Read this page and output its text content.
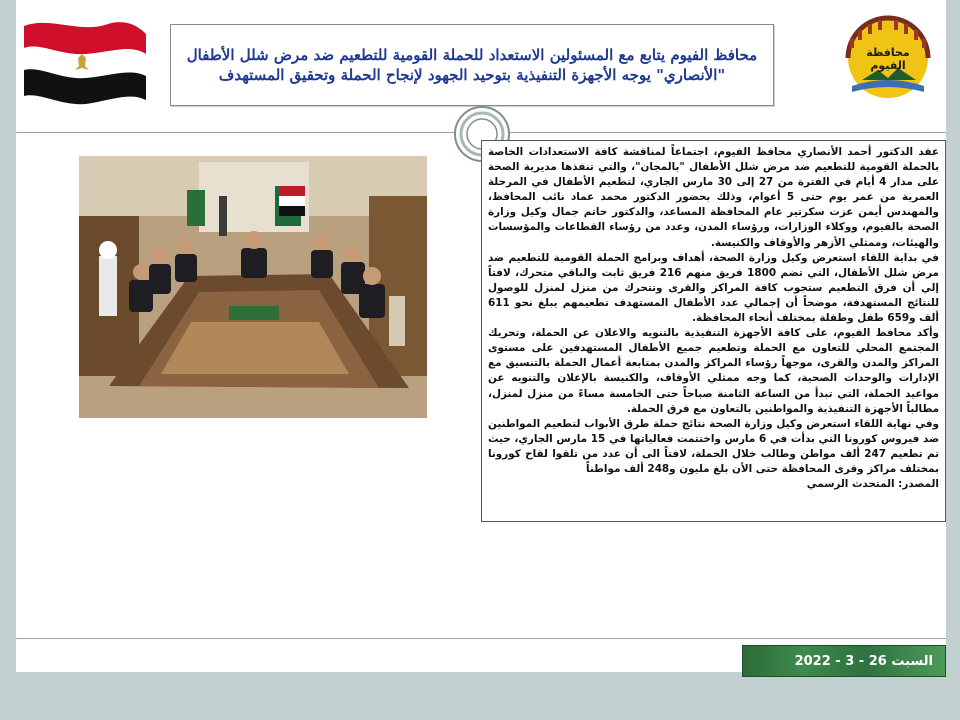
محافظة الفيوم
محافظ الفيوم يتابع مع المسئولين الاستعداد للحملة القومية للتطعيم ضد مرض شلل الأطفال
"الأنصاري" يوجه الأجهزة التنفيذية بتوحيد الجهود لإنجاح الحملة وتحقيق المستهدف

عقد الدكتور أحمد الأنصاري محافظ الفيوم، اجتماعاً لمناقشة كافة الاستعدادات الخاصة بالحملة القومية للتطعيم ضد مرض شلل الأطفال "بالمجان"، والتي تنفذها مديرية الصحة على مدار 4 أيام في الفترة من 27 إلى 30 مارس الجاري، لتطعيم الأطفال في المرحلة العمرية من عمر يوم حتى 5 أعوام، وذلك بحضور الدكتور محمد عماد نائب المحافظ، والمهندس أيمن عزت سكرتير عام المحافظة المساعد، والدكتور حاتم جمال وكيل وزارة الصحة بالفيوم، ووكلاء الوزارات، ورؤساء المدن، وعدد من رؤساء القطاعات والمؤسسات والهيئات، وممثلي الأزهر والأوقاف والكنيسة.

في بداية اللقاء استعرض وكيل وزارة الصحة، أهداف وبرامج الحملة القومية للتطعيم ضد مرض شلل الأطفال، التي تضم 1800 فريق منهم 216 فريق ثابت والباقي متحرك، لافتاً إلي أن فرق التطعيم ستجوب كافة المراكز والقرى وتتحرك من منزل لمنزل للوصول للنتائج المستهدفة، موضحاً أن إجمالي عدد الأطفال المستهدف تطعيمهم يبلغ نحو 611 ألف و659 طفل وطفلة بمختلف أنحاء المحافظة.

وأكد محافظ الفيوم، على كافة الأجهزة التنفيذية بالتنويه والاعلان عن الحملة، وتحريك المجتمع المحلي للتعاون مع الحملة وتطعيم جميع الأطفال المستهدفين على مستوى المراكز والمدن والقرى، موجهاً رؤساء المراكز والمدن بمتابعة أعمال الحملة بالتنسيق مع الإدارات والوحدات الصحية، كما وجه ممثلي الأوقاف، والكنيسة بالإعلان والتنويه عن مواعيد الحملة، التي تبدأ من الساعة الثامنة صباحاً حتى الخامسة مساءً من منزل لمنزل، مطالباً الأجهزة التنفيذية والمواطنين بالتعاون مع فرق الحملة.

وفي نهاية اللقاء استعرض وكيل وزارة الصحة نتائج حملة طرق الأبواب لتطعيم المواطنين ضد فيروس كورونا التي بدأت في 6 مارس واختتمت فعالياتها في 15 مارس الجاري، حيث تم تطعيم 247 ألف مواطن وطالب خلال الحملة، لافتاً الى أن عدد من تلقوا لقاح كورونا بمختلف مراكز وقرى المحافظة حتى الأن بلغ مليون و248 ألف مواطناً

المصدر: المتحدث الرسمي

السبت 26 - 3 - 2022
